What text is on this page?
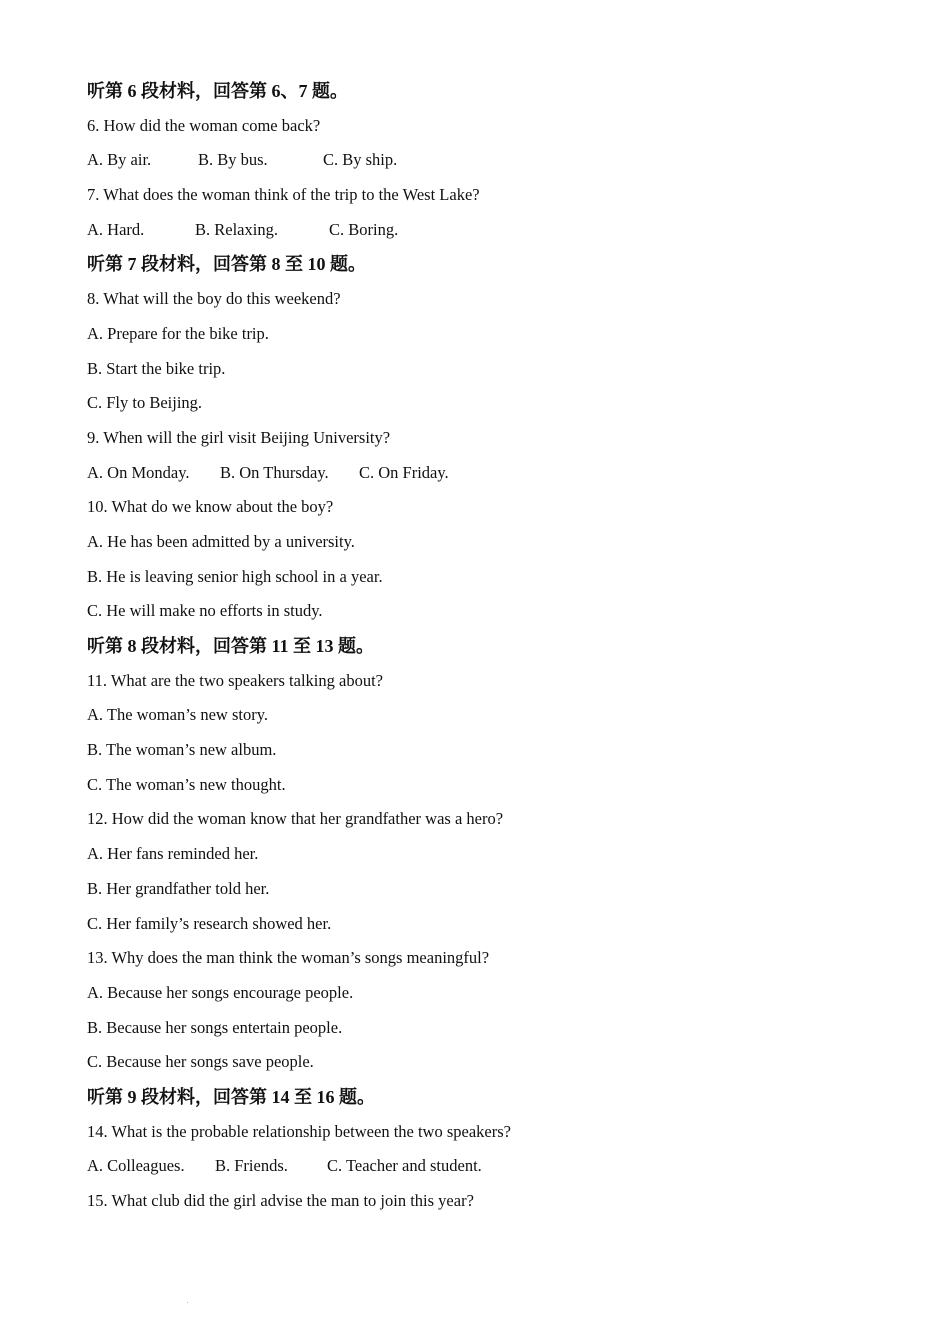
听第 6 段材料，回答第 6、7 题。
6. How did the woman come back?
A. By air.	B. By bus.	C. By ship.
7. What does the woman think of the trip to the West Lake?
A. Hard.	B. Relaxing.	C. Boring.
听第 7 段材料，回答第 8 至 10 题。
8. What will the boy do this weekend?
A. Prepare for the bike trip.
B. Start the bike trip.
C. Fly to Beijing.
9. When will the girl visit Beijing University?
A. On Monday. B. On Thursday. C. On Friday.
10. What do we know about the boy?
A. He has been admitted by a university.
B. He is leaving senior high school in a year.
C. He will make no efforts in study.
听第 8 段材料，回答第 11 至 13 题。
11. What are the two speakers talking about?
A. The woman’s new story.
B. The woman’s new album.
C. The woman’s new thought.
12. How did the woman know that her grandfather was a hero?
A. Her fans reminded her.
B. Her grandfather told her.
C. Her family’s research showed her.
13. Why does the man think the woman’s songs meaningful?
A. Because her songs encourage people.
B. Because her songs entertain people.
C. Because her songs save people.
听第 9 段材料，回答第 14 至 16 题。
14. What is the probable relationship between the two speakers?
A. Colleagues. B. Friends. C. Teacher and student.
15. What club did the girl advise the man to join this year?
